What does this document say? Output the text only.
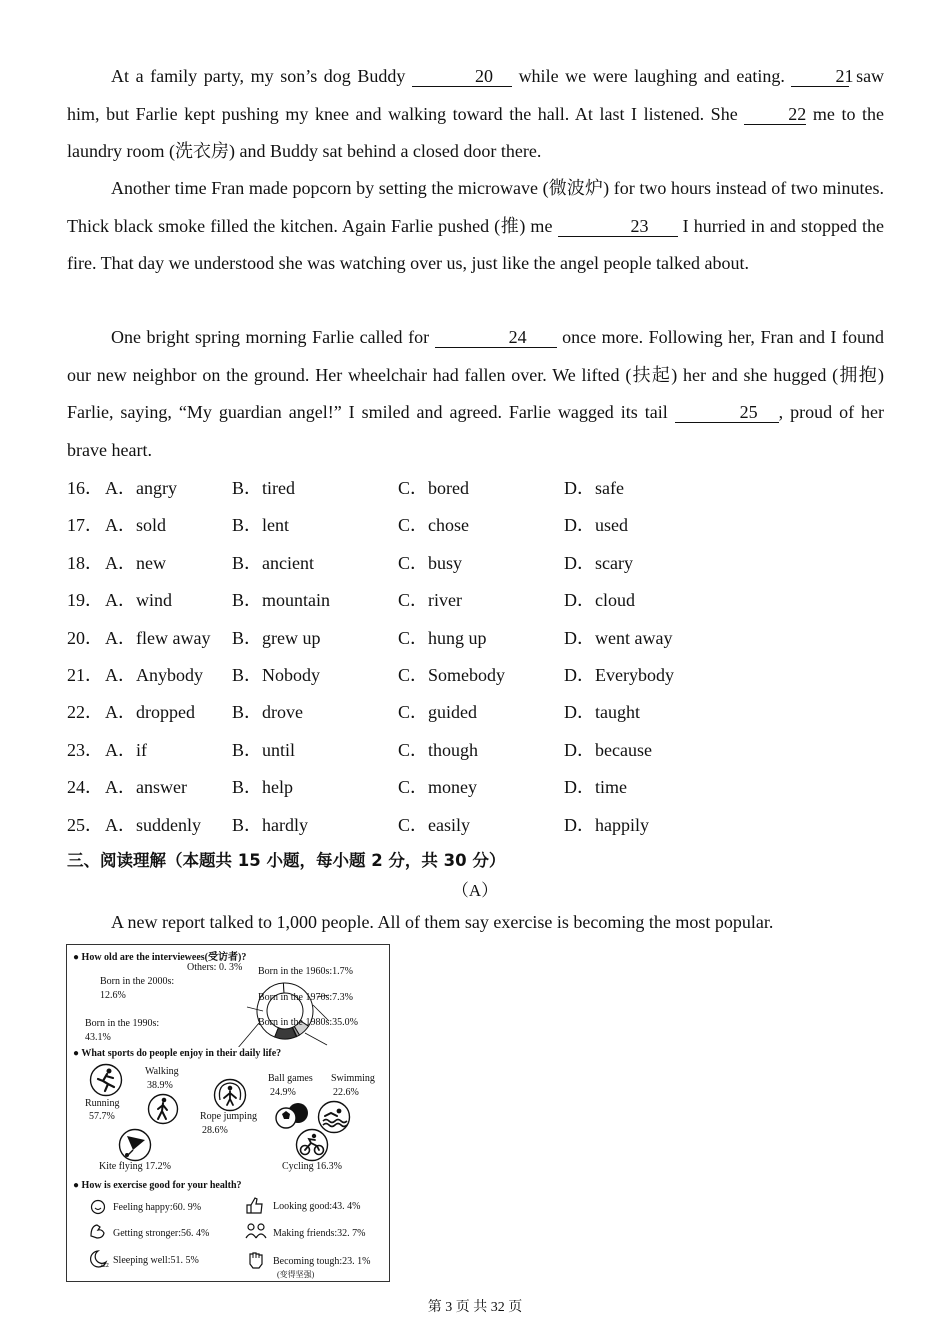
At a family party, my son’s dog Buddy	20 while we were laughing and eating.	21 saw him, but Farlie kept pushing my knee and walking toward the hall. At last I listened. She	22 me to the laundry room (洗衣房) and Buddy sat behind a closed door there.

Another time Fran made popcorn by setting the microwave (微波炉) for two hours instead of two minutes. Thick black smoke filled the kitchen. Again Farlie pushed (推) me	23 I hurried in and stopped the fire. That day we understood she was watching over us, just like the angel people talked about.

One bright spring morning Farlie called for	24 once more. Following her, Fran and I found our new neighbor on the ground. Her wheelchair had fallen over. We lifted (扶起) her and she hugged (拥抱) Farlie, saying, “My guardian angel!” I smiled and agreed. Farlie wagged its tail	25 , proud of her brave heart.

16． A．angry	B．tired	C．bored	D．safe
17． A．sold	B．lent	C．chose	D．used
18． A．new	B．ancient	C．busy	D．scary
19． A．wind	B．mountain	C．river	D．cloud
20． A．flew away B．grew up	C．hung up	D．went away
21． A．Anybody B．Nobody	C．Somebody	D．Everybody
22． A．dropped B．drove	C．guided	D．taught
23． A．if	B．until	C．though	D．because
24． A．answer	B．help	C．money	D．time
25． A．suddenly B．hardly	C．easily	D．happily
三、阅读理解（本题共 15 小题，每小题 2 分，共 30 分）
（A）
A new report talked to 1,000 people. All of them say exercise is becoming the most popular.
● How old are the interviewees(受访者)?
Others: 0. 3% Born in the 1960s:1.7%
Born in the 1970s:7.3%
Born in the 1980s:35.0%
Born in the 2000s:
12.6%
Born in the 1990s:
43.1%
● What sports do people enjoy in their daily life?
Running
57.7%
Walking
38.9%
Rope jumping
28.6%
Ball games
24.9%
Swimming
22.6%
Kite flying 17.2%	Cycling 16.3%
● How is exercise good for your health?
Feeling happy:60. 9%	Looking good:43. 4%
Getting stronger:56. 4%	Making friends:32. 7%
zzz Sleeping well:51. 5%	Becoming tough:23. 1%
(变得坚强)
第 3 页 共 32 页
